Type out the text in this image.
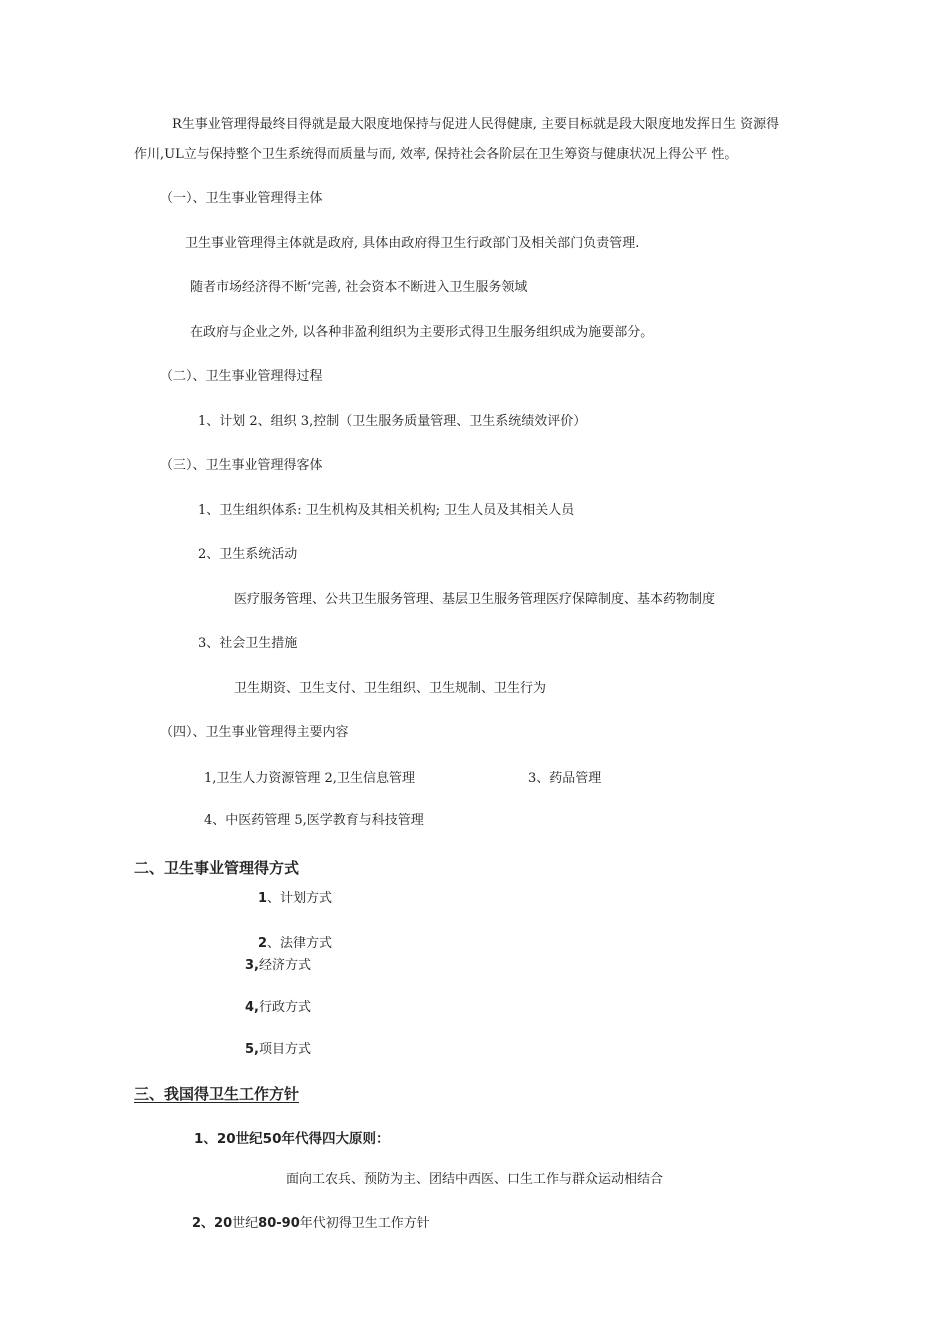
R生事业管理得最终目得就是最大限度地保持与促进人民得健康, 主要目标就是段大限度地发挥日生 资源得
作川,UL立与保持整个卫生系统得而质量与而, 效率, 保持社会各阶层在卫生筹资与健康状况上得公平 性。
（一）、卫生事业管理得主体
卫生事业管理得主体就是政府, 具体由政府得卫生行政部门及相关部门负责管理.
随者市场经济得不断‘完善, 社会资本不断进入卫生服务领域
在政府与企业之外, 以各种非盈利组织为主要形式得卫生服务组织成为施要部分。
（二）、卫生事业管理得过程
1、计划 2、组织 3,控制（卫生服务质量管理、卫生系统绩效评价）
（三）、卫生事业管理得客体
1、卫生组织体系: 卫生机构及其相关机构; 卫生人员及其相关人员
2、卫生系统活动
医疗服务管理、公共卫生服务管理、基层卫生服务管理医疗保障制度、基本药物制度
3、社会卫生措施
卫生期资、卫生支付、卫生组织、卫生规制、卫生行为
（四）、卫生事业管理得主要内容
1,卫生人力资源管理 2,卫生信息管理	3、药品管理
4、中医药管理 5,医学教育与科技管理
二、卫生事业管理得方式
1、计划方式
2、法律方式
3,经济方式
4,行政方式
5,项目方式
三、我国得卫生工作方针
1、20世纪50年代得四大原则：
面向工农兵、预防为主、团结中西医、口生工作与群众运动相结合
2、20世纪80-90年代初得卫生工作方针
